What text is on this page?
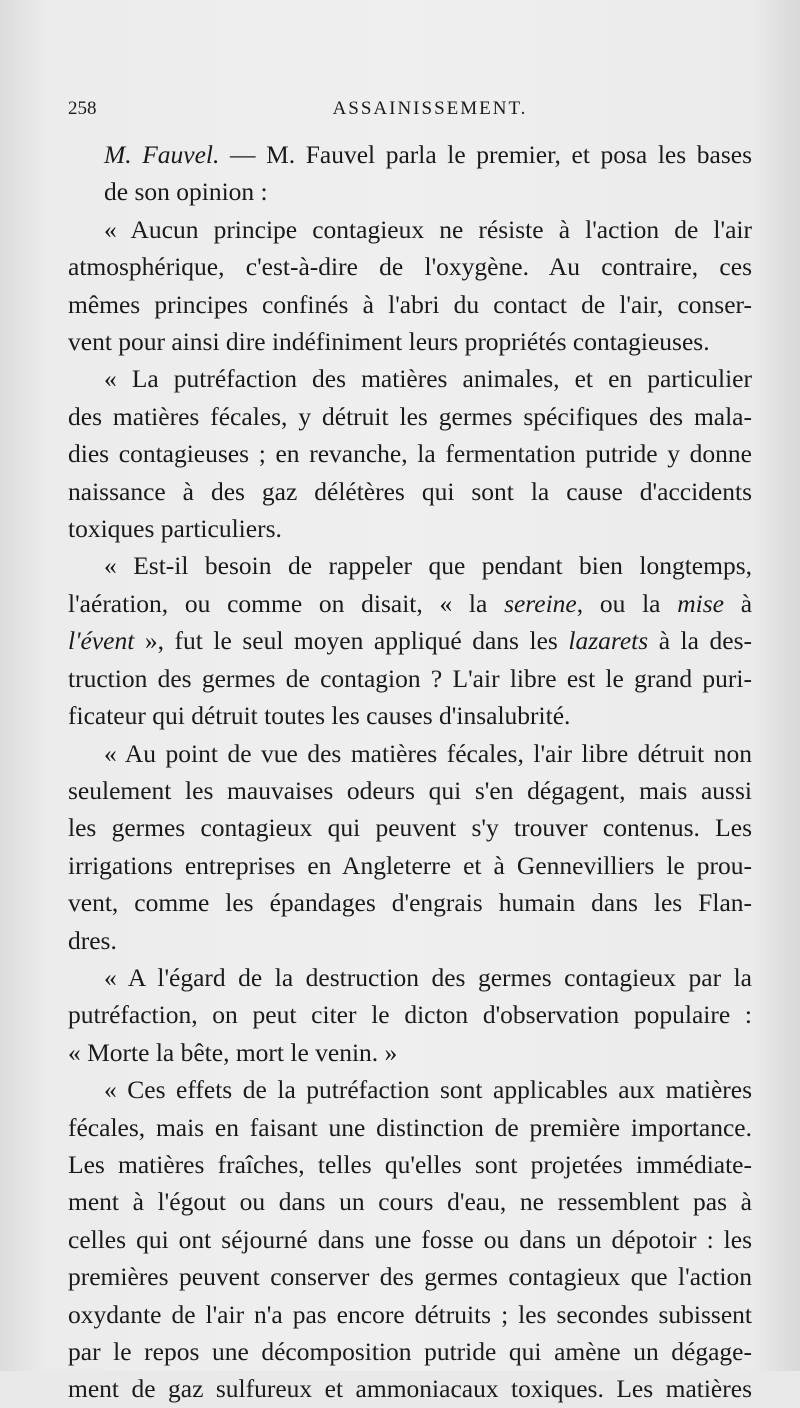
258	ASSAINISSEMENT.

M. Fauvel. — M. Fauvel parla le premier, et posa les bases
de son opinion :

« Aucun principe contagieux ne résiste à l'action de l'air
atmosphérique, c'est-à-dire de l'oxygène. Au contraire, ces
mêmes principes confinés à l'abri du contact de l'air, conser-
vent pour ainsi dire indéfiniment leurs propriétés contagieuses.

« La putréfaction des matières animales, et en particulier
des matières fécales, y détruit les germes spécifiques des mala-
dies contagieuses ; en revanche, la fermentation putride y donne
naissance à des gaz délétères qui sont la cause d'accidents
toxiques particuliers.

« Est-il besoin de rappeler que pendant bien longtemps,
l'aération, ou comme on disait, « la sereine, ou la mise à
l'évent », fut le seul moyen appliqué dans les lazarets à la des-
truction des germes de contagion ? L'air libre est le grand puri-
ficateur qui détruit toutes les causes d'insalubrité.

« Au point de vue des matières fécales, l'air libre détruit non
seulement les mauvaises odeurs qui s'en dégagent, mais aussi
les germes contagieux qui peuvent s'y trouver contenus. Les
irrigations entreprises en Angleterre et à Gennevilliers le prou-
vent, comme les épandages d'engrais humain dans les Flan-
dres.

« A l'égard de la destruction des germes contagieux par la
putréfaction, on peut citer le dicton d'observation populaire :
« Morte la bête, mort le venin. »

« Ces effets de la putréfaction sont applicables aux matières
fécales, mais en faisant une distinction de première importance.
Les matières fraîches, telles qu'elles sont projetées immédiate-
ment à l'égout ou dans un cours d'eau, ne ressemblent pas à
celles qui ont séjourné dans une fosse ou dans un dépotoir : les
premières peuvent conserver des germes contagieux que l'action
oxydante de l'air n'a pas encore détruits ; les secondes subissent
par le repos une décomposition putride qui amène un dégage-
ment de gaz sulfureux et ammoniacaux toxiques. Les matières
